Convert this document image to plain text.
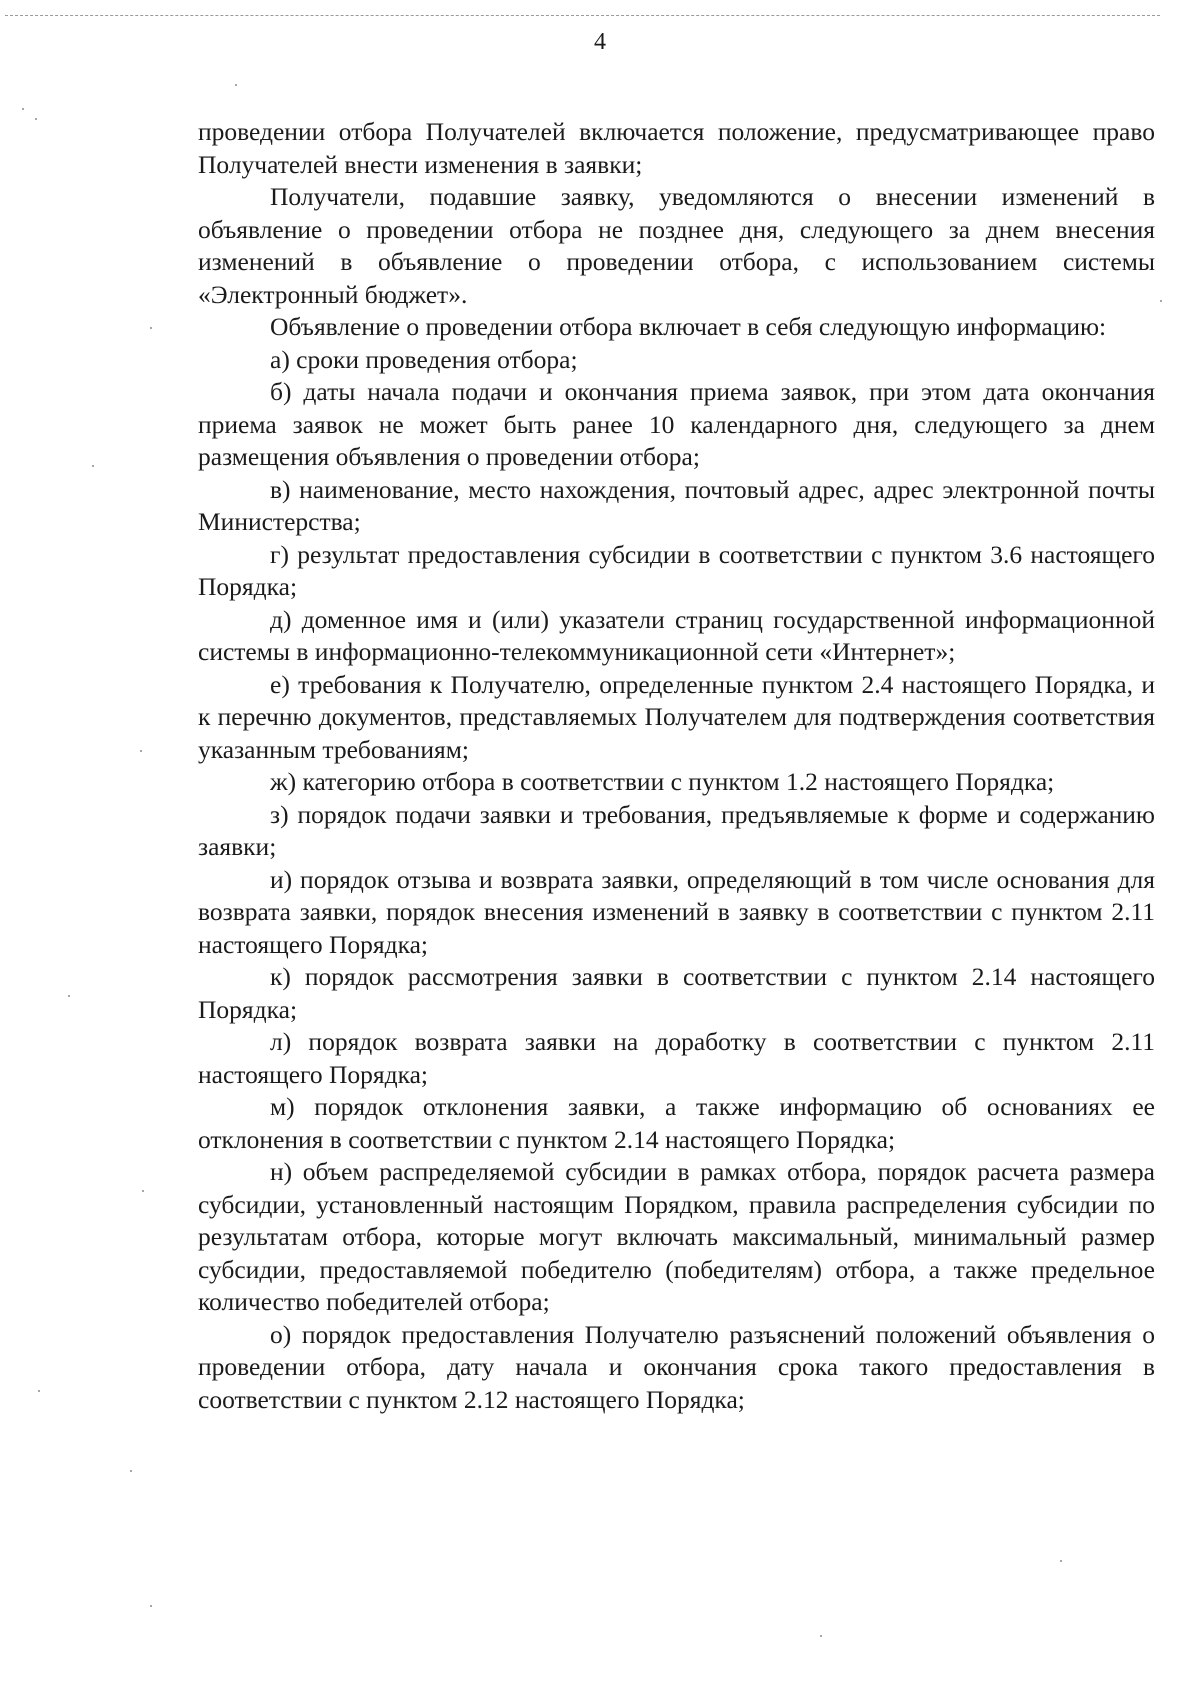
4

проведении отбора Получателей включается положение, предусматривающее право Получателей внести изменения в заявки;

Получатели, подавшие заявку, уведомляются о внесении изменений в объявление о проведении отбора не позднее дня, следующего за днем внесения изменений в объявление о проведении отбора, с использованием системы «Электронный бюджет».

Объявление о проведении отбора включает в себя следующую информацию:

а) сроки проведения отбора;

б) даты начала подачи и окончания приема заявок, при этом дата окончания приема заявок не может быть ранее 10 календарного дня, следующего за днем размещения объявления о проведении отбора;

в) наименование, место нахождения, почтовый адрес, адрес электронной почты Министерства;

г) результат предоставления субсидии в соответствии с пунктом 3.6 настоящего Порядка;

д) доменное имя и (или) указатели страниц государственной информационной системы в информационно-телекоммуникационной сети «Интернет»;

е) требования к Получателю, определенные пунктом 2.4 настоящего Порядка, и к перечню документов, представляемых Получателем для подтверждения соответствия указанным требованиям;

ж) категорию отбора в соответствии с пунктом 1.2 настоящего Порядка;

з) порядок подачи заявки и требования, предъявляемые к форме и содержанию заявки;

и) порядок отзыва и возврата заявки, определяющий в том числе основания для возврата заявки, порядок внесения изменений в заявку в соответствии с пунктом 2.11 настоящего Порядка;

к) порядок рассмотрения заявки в соответствии с пунктом 2.14 настоящего Порядка;

л) порядок возврата заявки на доработку в соответствии с пунктом 2.11 настоящего Порядка;

м) порядок отклонения заявки, а также информацию об основаниях ее отклонения в соответствии с пунктом 2.14 настоящего Порядка;

н) объем распределяемой субсидии в рамках отбора, порядок расчета размера субсидии, установленный настоящим Порядком, правила распределения субсидии по результатам отбора, которые могут включать максимальный, минимальный размер субсидии, предоставляемой победителю (победителям) отбора, а также предельное количество победителей отбора;

о) порядок предоставления Получателю разъяснений положений объявления о проведении отбора, дату начала и окончания срока такого предоставления в соответствии с пунктом 2.12 настоящего Порядка;
